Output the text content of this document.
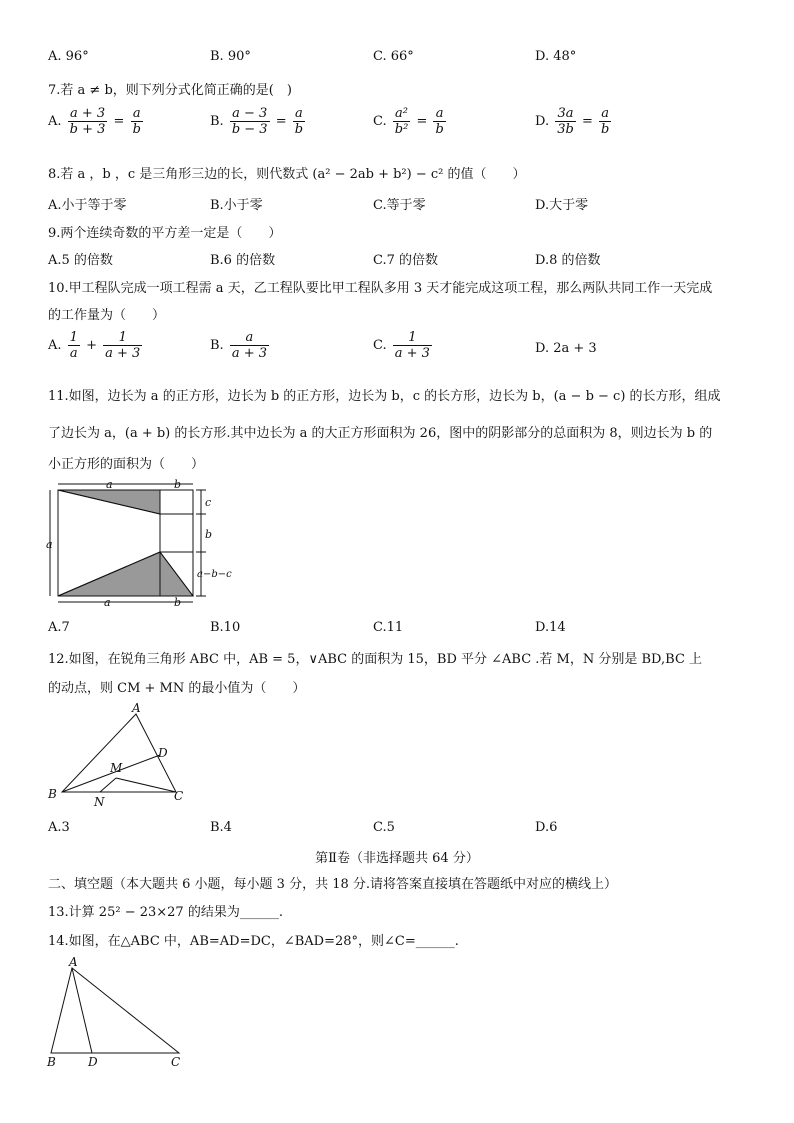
A. 96°	B. 90°	C. 66°	D. 48°
7.若 a ≠ b，则下列分式化简正确的是(　)
A. $\frac{a + 3}{b + 3} = \frac{a}{b}$	B. $\frac{a - 3}{b - 3} = \frac{a}{b}$	C. $\frac{\text{a²}}{\text{b²}} = \frac{a}{b}$	D. $\frac{3a}{3b} = \frac{a}{b}$
8.若 a ，b ，c 是三角形三边的长，则代数式 (a² − 2ab + b²) − c² 的值（　　）
A.小于等于零	B.小于零	C.等于零	D.大于零
9.两个连续奇数的平方差一定是（　　）
A.5 的倍数	B.6 的倍数	C.7 的倍数	D.8 的倍数
10.甲工程队完成一项工程需 a 天，乙工程队要比甲工程队多用 3 天才能完成这项工程，那么两队共同工作一天完成
的工作量为（　　）
A. $\frac{1}{a} + \frac{1}{a + 3}$	B. $\frac{a}{a + 3}$	C. $\frac{1}{a + 3}$	D. 2a + 3
11.如图，边长为 a 的正方形，边长为 b 的正方形，边长为 b，c 的长方形，边长为 b，(a − b − c) 的长方形，组成
了边长为 a，(a + b) 的长方形.其中边长为 a 的大正方形面积为 26，图中的阴影部分的总面积为 8，则边长为 b 的
小正方形的面积为（　　）
a	b
a
c
b
a−b−c
a	b
A.7	B.10	C.11	D.14
12.如图，在锐角三角形 ABC 中，AB = 5，∨ABC 的面积为 15，BD 平分 ∠ABC .若 M，N 分别是 BD,BC 上
的动点，则 CM + MN 的最小值为（　　）
A
B	C
D
M
N
A.3	B.4	C.5	D.6
第Ⅱ卷（非选择题共 64 分）
二、填空题（本大题共 6 小题，每小题 3 分，共 18 分.请将答案直接填在答题纸中对应的横线上）
13.计算 25² − 23×27 的结果为______.
14.如图，在△ABC 中，AB=AD=DC，∠BAD=28°，则∠C=______.
A
B	D	C
